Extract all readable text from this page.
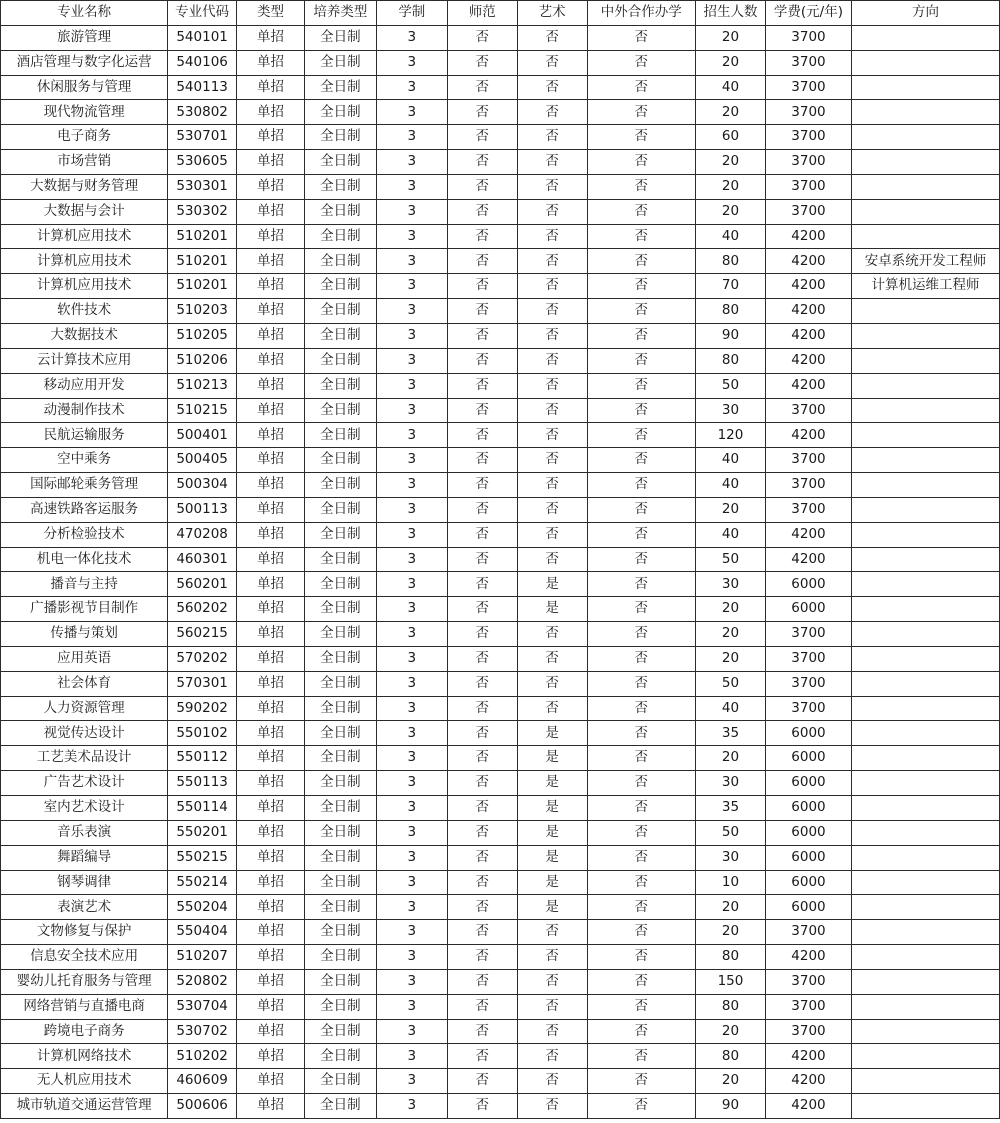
专业名称	专业代码	类型	培养类型	学制	师范	艺术	中外合作办学	招生人数	学费(元/年)	方向
旅游管理	540101	单招	全日制	3	否	否	否	20	3700	
酒店管理与数字化运营	540106	单招	全日制	3	否	否	否	20	3700	
休闲服务与管理	540113	单招	全日制	3	否	否	否	40	3700	
现代物流管理	530802	单招	全日制	3	否	否	否	20	3700	
电子商务	530701	单招	全日制	3	否	否	否	60	3700	
市场营销	530605	单招	全日制	3	否	否	否	20	3700	
大数据与财务管理	530301	单招	全日制	3	否	否	否	20	3700	
大数据与会计	530302	单招	全日制	3	否	否	否	20	3700	
计算机应用技术	510201	单招	全日制	3	否	否	否	40	4200	
计算机应用技术	510201	单招	全日制	3	否	否	否	80	4200	安卓系统开发工程师
计算机应用技术	510201	单招	全日制	3	否	否	否	70	4200	计算机运维工程师
软件技术	510203	单招	全日制	3	否	否	否	80	4200	
大数据技术	510205	单招	全日制	3	否	否	否	90	4200	
云计算技术应用	510206	单招	全日制	3	否	否	否	80	4200	
移动应用开发	510213	单招	全日制	3	否	否	否	50	4200	
动漫制作技术	510215	单招	全日制	3	否	否	否	30	3700	
民航运输服务	500401	单招	全日制	3	否	否	否	120	4200	
空中乘务	500405	单招	全日制	3	否	否	否	40	3700	
国际邮轮乘务管理	500304	单招	全日制	3	否	否	否	40	3700	
高速铁路客运服务	500113	单招	全日制	3	否	否	否	20	3700	
分析检验技术	470208	单招	全日制	3	否	否	否	40	4200	
机电一体化技术	460301	单招	全日制	3	否	否	否	50	4200	
播音与主持	560201	单招	全日制	3	否	是	否	30	6000	
广播影视节目制作	560202	单招	全日制	3	否	是	否	20	6000	
传播与策划	560215	单招	全日制	3	否	否	否	20	3700	
应用英语	570202	单招	全日制	3	否	否	否	20	3700	
社会体育	570301	单招	全日制	3	否	否	否	50	3700	
人力资源管理	590202	单招	全日制	3	否	否	否	40	3700	
视觉传达设计	550102	单招	全日制	3	否	是	否	35	6000	
工艺美术品设计	550112	单招	全日制	3	否	是	否	20	6000	
广告艺术设计	550113	单招	全日制	3	否	是	否	30	6000	
室内艺术设计	550114	单招	全日制	3	否	是	否	35	6000	
音乐表演	550201	单招	全日制	3	否	是	否	50	6000	
舞蹈编导	550215	单招	全日制	3	否	是	否	30	6000	
钢琴调律	550214	单招	全日制	3	否	是	否	10	6000	
表演艺术	550204	单招	全日制	3	否	是	否	20	6000	
文物修复与保护	550404	单招	全日制	3	否	否	否	20	3700	
信息安全技术应用	510207	单招	全日制	3	否	否	否	80	4200	
婴幼儿托育服务与管理	520802	单招	全日制	3	否	否	否	150	3700	
网络营销与直播电商	530704	单招	全日制	3	否	否	否	80	3700	
跨境电子商务	530702	单招	全日制	3	否	否	否	20	3700	
计算机网络技术	510202	单招	全日制	3	否	否	否	80	4200	
无人机应用技术	460609	单招	全日制	3	否	否	否	20	4200	
城市轨道交通运营管理	500606	单招	全日制	3	否	否	否	90	4200	
